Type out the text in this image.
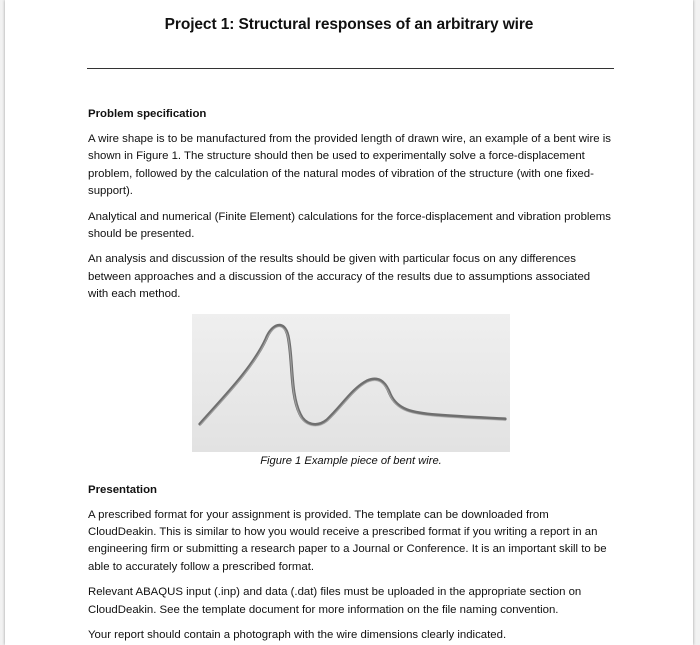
Project 1: Structural responses of an arbitrary wire
Problem specification

A wire shape is to be manufactured from the provided length of drawn wire, an example of a bent wire is shown in Figure 1. The structure should then be used to experimentally solve a force-displacement problem, followed by the calculation of the natural modes of vibration of the structure (with one fixed-support).

Analytical and numerical (Finite Element) calculations for the force-displacement and vibration problems should be presented.

An analysis and discussion of the results should be given with particular focus on any differences between approaches and a discussion of the accuracy of the results due to assumptions associated with each method.

Figure 1 Example piece of bent wire.
Presentation

A prescribed format for your assignment is provided. The template can be downloaded from CloudDeakin. This is similar to how you would receive a prescribed format if you writing a report in an engineering firm or submitting a research paper to a Journal or Conference. It is an important skill to be able to accurately follow a prescribed format.

Relevant ABAQUS input (.inp) and data (.dat) files must be uploaded in the appropriate section on CloudDeakin. See the template document for more information on the file naming convention.

Your report should contain a photograph with the wire dimensions clearly indicated.
